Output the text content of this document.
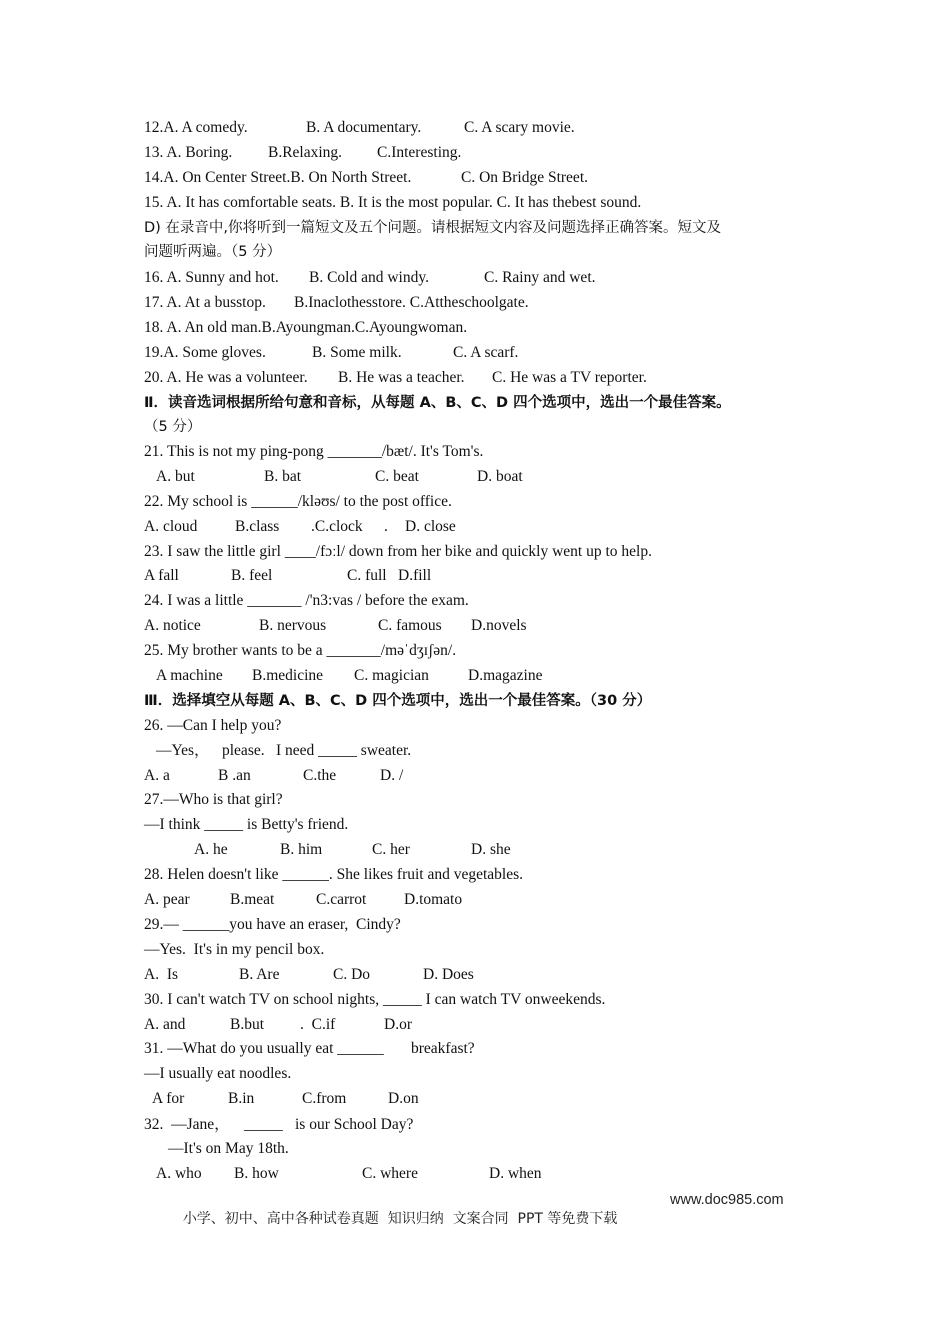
12.A. A comedy.	B. A documentary.	C. A scary movie.
13. A. Boring. B.Relaxing. C.Interesting.
14.A. On Center Street.B. On North Street.	C. On Bridge Street.
15. A. It has comfortable seats. B. It is the most popular. C. It has thebest sound.
D) 在录音中,你将听到一篇短文及五个问题。请根据短文内容及问题选择正确答案。短文及
问题听两遍。（5 分）
16. A. Sunny and hot. B. Cold and windy.	C. Rainy and wet.
17. A. At a busstop. B.Inaclothesstore. C.Attheschoolgate.
18. A. An old man.B.Ayoungman.C.Ayoungwoman.
19.A. Some gloves.	B. Some milk.	C. A scarf.
20. A. He was a volunteer. B. He was a teacher. C. He was a TV reporter.
Ⅱ．读音选词根据所给句意和音标，从每题 A、B、C、D 四个选项中，选出一个最佳答案。
（5 分）
21. This is not my ping-pong _______/bæt/. It's Tom's.
A. but	B. bat	C. beat	D. boat
22. My school is ______/kləʊs/ to the post office.
A. cloud B.class .C.clock . D. close
23. I saw the little girl ____/fɔːl/ down from her bike and quickly went up to help.
A fall	B. feel	C. full D.fill
24. I was a little _______ /'n3:vas / before the exam.
A. notice	B. nervous	C. famous D.novels
25. My brother wants to be a _______/məˈdʒɪʃən/.
A machine B.medicine C. magician	D.magazine
Ⅲ．选择填空从每题 A、B、C、D 四个选项中，选出一个最佳答案。（30 分）
26. —Can I help you?
—Yes， please. I need _____ sweater.
A. a	B .an	C.the	D. /
27.—Who is that girl?
—I think _____ is Betty's friend.
A. he	B. him	C. her	D. she
28. Helen doesn't like ______. She likes fruit and vegetables.
A. pear	B.meat	C.carrot D.tomato
29.— ______you have an eraser,  Cindy?
—Yes.  It's in my pencil box.
A.  Is	B. Are	C. Do	D. Does
30. I can't watch TV on school nights, _____ I can watch TV onweekends.
A. and	B.but .  C.if	D.or
31. —What do you usually eat ______ breakfast?
—I usually eat noodles.
A for	B.in	C.from	D.on
32.  —Jane， _____ is our School Day?
—It's on May 18th.
A. who B. how	C. where	D. when

小学、初中、高中各种试卷真题  知识归纳  文案合同  PPT 等免费下载

www.doc985.com
